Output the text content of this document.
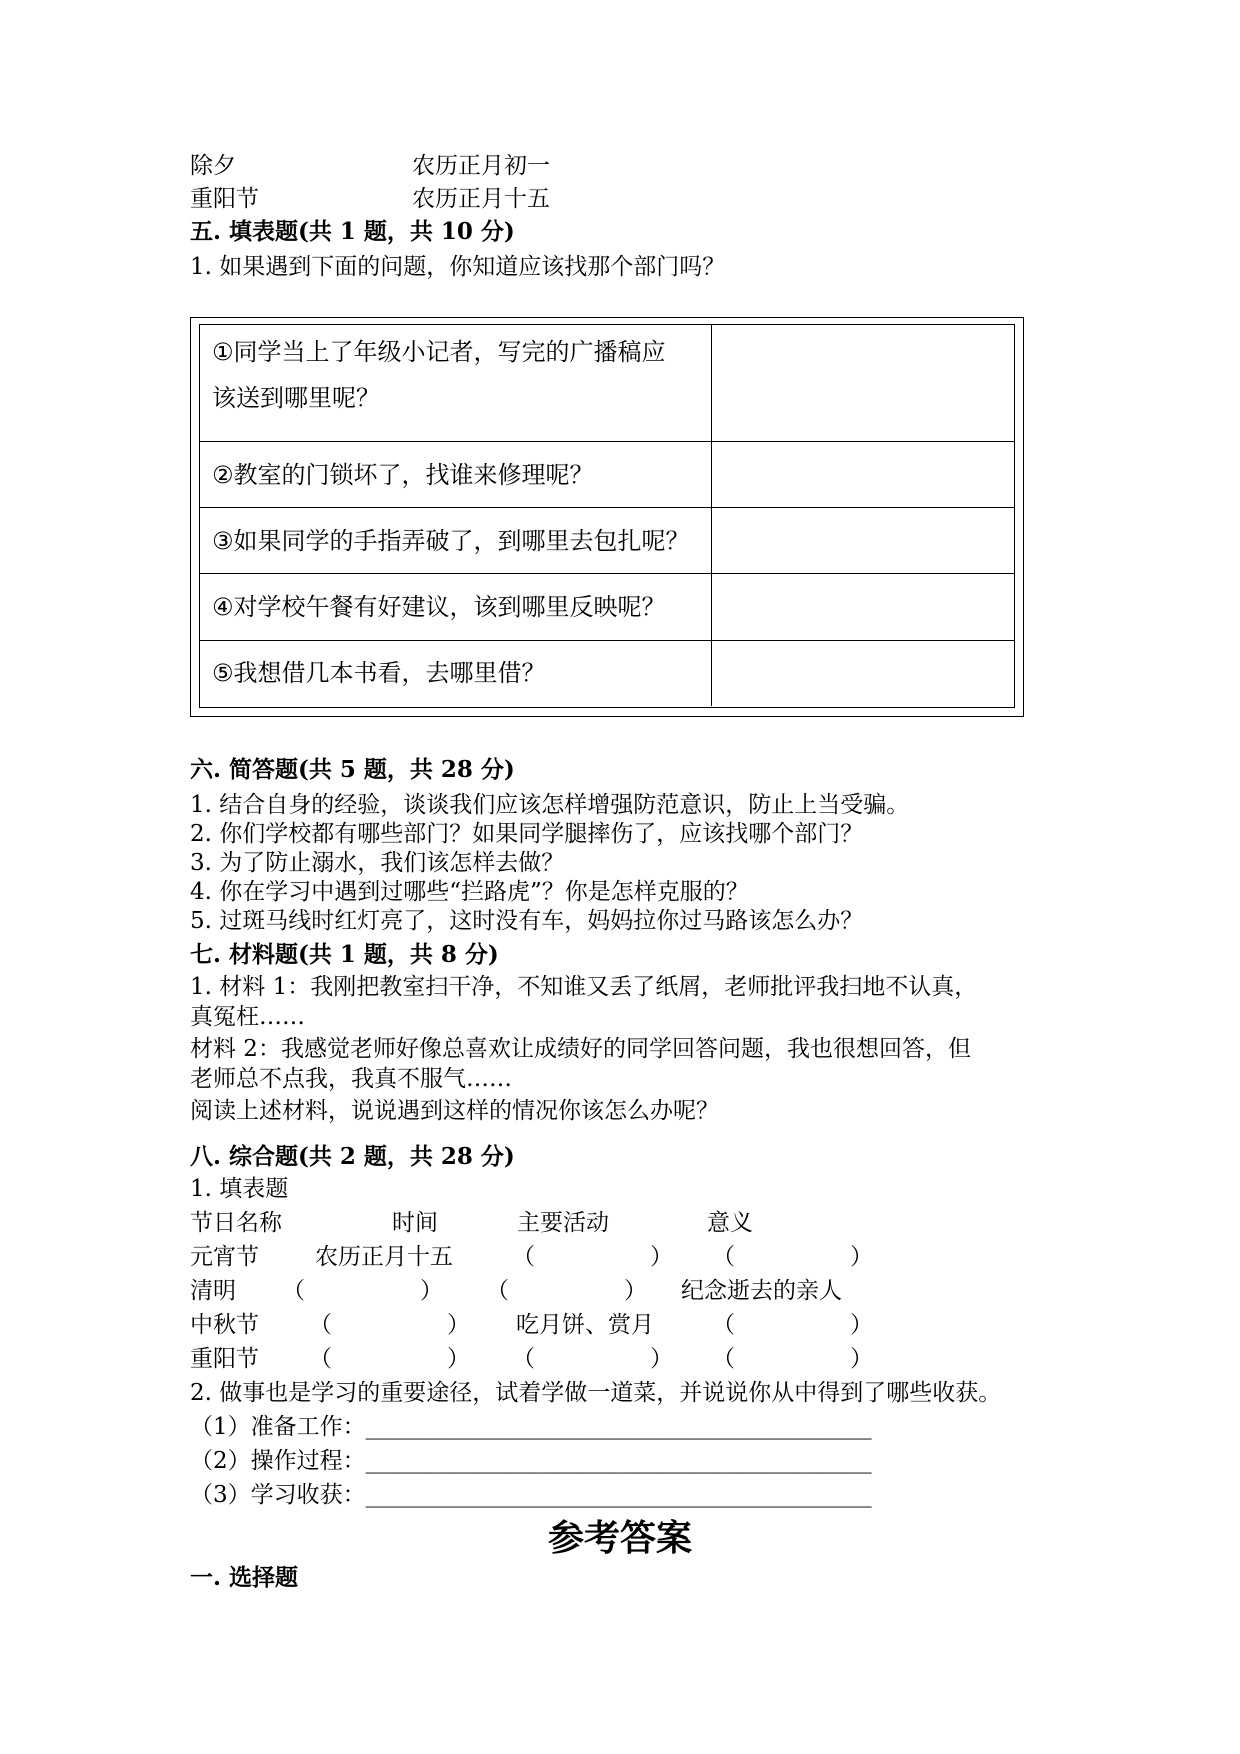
除夕	农历正月初一
重阳节	农历正月十五
五. 填表题(共 1 题，共 10 分)
1. 如果遇到下面的问题，你知道应该找那个部门吗？
①同学当上了年级小记者，写完的广播稿应
该送到哪里呢？
②教室的门锁坏了，找谁来修理呢？
③如果同学的手指弄破了，到哪里去包扎呢？
④对学校午餐有好建议，该到哪里反映呢？
⑤我想借几本书看，去哪里借？
六. 简答题(共 5 题，共 28 分)
1. 结合自身的经验，谈谈我们应该怎样增强防范意识，防止上当受骗。
2. 你们学校都有哪些部门？如果同学腿摔伤了，应该找哪个部门？
3. 为了防止溺水，我们该怎样去做？
4. 你在学习中遇到过哪些“拦路虎”？你是怎样克服的？
5. 过斑马线时红灯亮了，这时没有车，妈妈拉你过马路该怎么办？
七. 材料题(共 1 题，共 8 分)
1. 材料 1：我刚把教室扫干净，不知谁又丢了纸屑，老师批评我扫地不认真，
真冤枉……
材料 2：我感觉老师好像总喜欢让成绩好的同学回答问题，我也很想回答，但
老师总不点我，我真不服气……
阅读上述材料，说说遇到这样的情况你该怎么办呢？
八. 综合题(共 2 题，共 28 分)
1. 填表题
节日名称	时间	主要活动	意义
元宵节 农历正月十五	（　　　　　） （　　　　　）
清明 （　　　　　） （　　　　　） 纪念逝去的亲人
中秋节 （　　　　　） 吃月饼、赏月	（　　　　　）
重阳节 （　　　　　） （　　　　　） （　　　　　）
2. 做事也是学习的重要途径，试着学做一道菜，并说说你从中得到了哪些收获。
（1）准备工作：____________________________________________
（2）操作过程：____________________________________________
（3）学习收获：____________________________________________
参考答案
一. 选择题
